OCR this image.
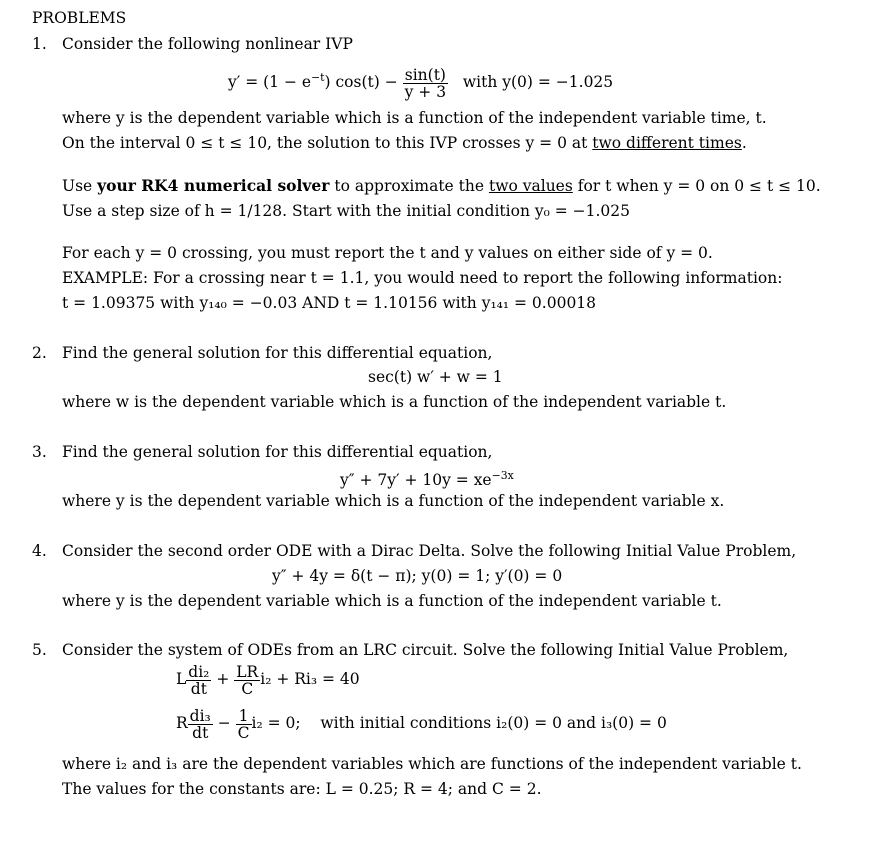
PROBLEMS
1. Consider the following nonlinear IVP
$y' = (1 - e^{-t})$ $\cos(t) - \frac{\sin(t)}{y + 3}$ with y(0) = −1.025
where y is the dependent variable which is a function of the independent variable time, t.
On the interval 0 ≤ t ≤ 10, the solution to this IVP crosses y = 0 at two different times.
Use your RK4 numerical solver to approximate the two values for t when y = 0 on 0 ≤ t ≤ 10.
Use a step size of h = 1/128. Start with the initial condition y₀ = −1.025
For each y = 0 crossing, you must report the t and y values on either side of y = 0.
EXAMPLE: For a crossing near t = 1.1, you would need to report the following information:
t = 1.09375 with y₁₄₀ = −0.03 AND t = 1.10156 with y₁₄₁ = 0.00018
2. Find the general solution for this differential equation,
sec(t) w′ + w = 1
where w is the dependent variable which is a function of the independent variable t.
3. Find the general solution for this differential equation,
$y'' + 7y' + 10y = xe^{-3x}$
where y is the dependent variable which is a function of the independent variable x.
4. Consider the second order ODE with a Dirac Delta. Solve the following Initial Value Problem,
y″ + 4y = δ(t − π); y(0) = 1; y′(0) = 0
where y is the dependent variable which is a function of the independent variable t.
5. Consider the system of ODEs from an LRC circuit. Solve the following Initial Value Problem,
L $\frac{\text{di₂}}{dt} + \frac{LR}{C} i_2 + Ri_3 = 40$
R $\frac{\text{di₃}}{dt} - \frac{1}{C} i_2 = 0$; with initial conditions i₂(0) = 0 and i₃(0) = 0
where i₂ and i₃ are the dependent variables which are functions of the independent variable t.
The values for the constants are: L = 0.25; R = 4; and C = 2.
